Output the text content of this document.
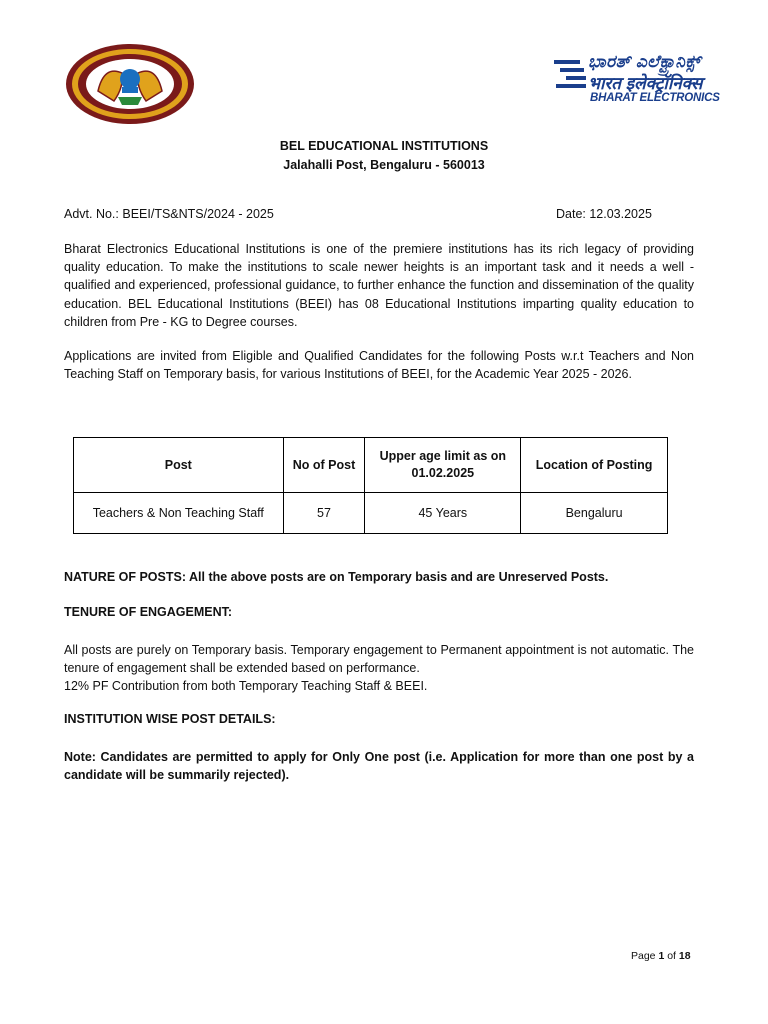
ಭಾರತ್ ಎಲೆಕ್ಟ್ರಾನಿಕ್ಸ್
भारत इलेक्ट्रॉनिक्स
BHARAT ELECTRONICS
BEL EDUCATIONAL INSTITUTIONS
Jalahalli Post, Bengaluru - 560013
Advt. No.: BEEI/TS&NTS/2024 - 2025	Date: 12.03.2025
Bharat Electronics Educational Institutions is one of the premiere institutions has its rich legacy of providing quality education. To make the institutions to scale newer heights is an important task and it needs a well - qualified and experienced, professional guidance, to further enhance the function and dissemination of the quality education. BEL Educational Institutions (BEEI) has 08 Educational Institutions imparting quality education to children from Pre - KG to Degree courses.
Applications are invited from Eligible and Qualified Candidates for the following Posts w.r.t Teachers and Non Teaching Staff on Temporary basis, for various Institutions of BEEI, for the Academic Year 2025 - 2026.
Post	No of Post	Upper age limit as on 01.02.2025	Location of Posting
Teachers & Non Teaching Staff	57	45 Years	Bengaluru
NATURE OF POSTS: All the above posts are on Temporary basis and are Unreserved Posts.
TENURE OF ENGAGEMENT:
All posts are purely on Temporary basis. Temporary engagement to Permanent appointment is not automatic. The tenure of engagement shall be extended based on performance.
12% PF Contribution from both Temporary Teaching Staff & BEEI.
INSTITUTION WISE POST DETAILS:
Note: Candidates are permitted to apply for Only One post (i.e. Application for more than one post by a candidate will be summarily rejected).
Page 1 of 18
